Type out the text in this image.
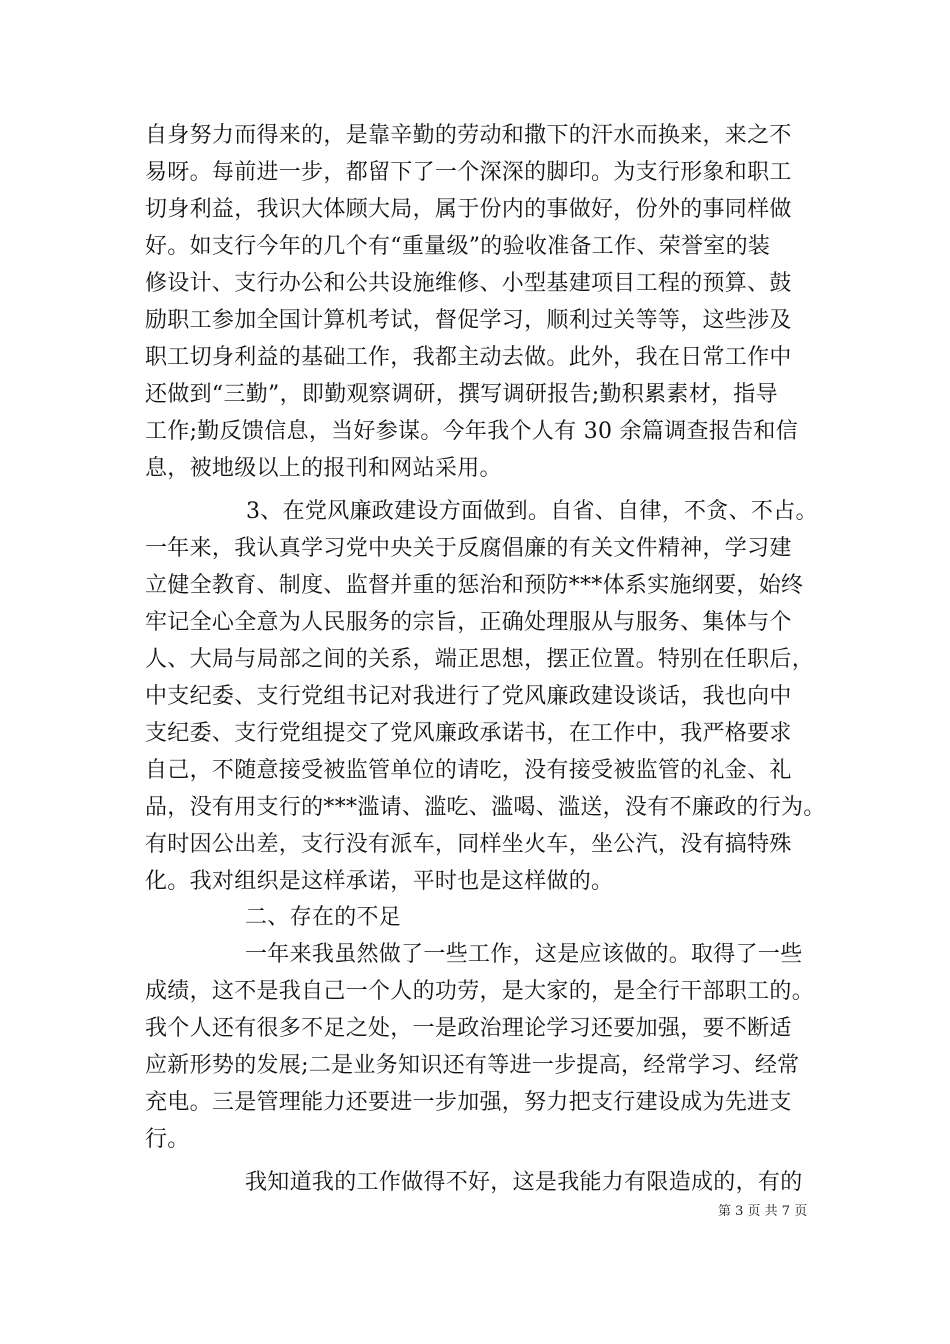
自身努力而得来的，是靠辛勤的劳动和撒下的汗水而换来，来之不
易呀。每前进一步，都留下了一个深深的脚印。为支行形象和职工
切身利益，我识大体顾大局，属于份内的事做好，份外的事同样做
好。如支行今年的几个有“重量级”的验收准备工作、荣誉室的装
修设计、支行办公和公共设施维修、小型基建项目工程的预算、鼓
励职工参加全国计算机考试，督促学习，顺利过关等等，这些涉及
职工切身利益的基础工作，我都主动去做。此外，我在日常工作中
还做到“三勤”，即勤观察调研，撰写调研报告;勤积累素材，指导
工作;勤反馈信息，当好参谋。今年我个人有 30 余篇调查报告和信
息，被地级以上的报刊和网站采用。
3、在党风廉政建设方面做到。自省、自律，不贪、不占。
一年来，我认真学习党中央关于反腐倡廉的有关文件精神，学习建
立健全教育、制度、监督并重的惩治和预防***体系实施纲要，始终
牢记全心全意为人民服务的宗旨，正确处理服从与服务、集体与个
人、大局与局部之间的关系，端正思想，摆正位置。特别在任职后，
中支纪委、支行党组书记对我进行了党风廉政建设谈话，我也向中
支纪委、支行党组提交了党风廉政承诺书，在工作中，我严格要求
自己，不随意接受被监管单位的请吃，没有接受被监管的礼金、礼
品，没有用支行的***滥请、滥吃、滥喝、滥送，没有不廉政的行为。
有时因公出差，支行没有派车，同样坐火车，坐公汽，没有搞特殊
化。我对组织是这样承诺，平时也是这样做的。
二、存在的不足
一年来我虽然做了一些工作，这是应该做的。取得了一些
成绩，这不是我自己一个人的功劳，是大家的，是全行干部职工的。
我个人还有很多不足之处，一是政治理论学习还要加强，要不断适
应新形势的发展;二是业务知识还有等进一步提高，经常学习、经常
充电。三是管理能力还要进一步加强，努力把支行建设成为先进支
行。
我知道我的工作做得不好，这是我能力有限造成的，有的
第 3 页 共 7 页
